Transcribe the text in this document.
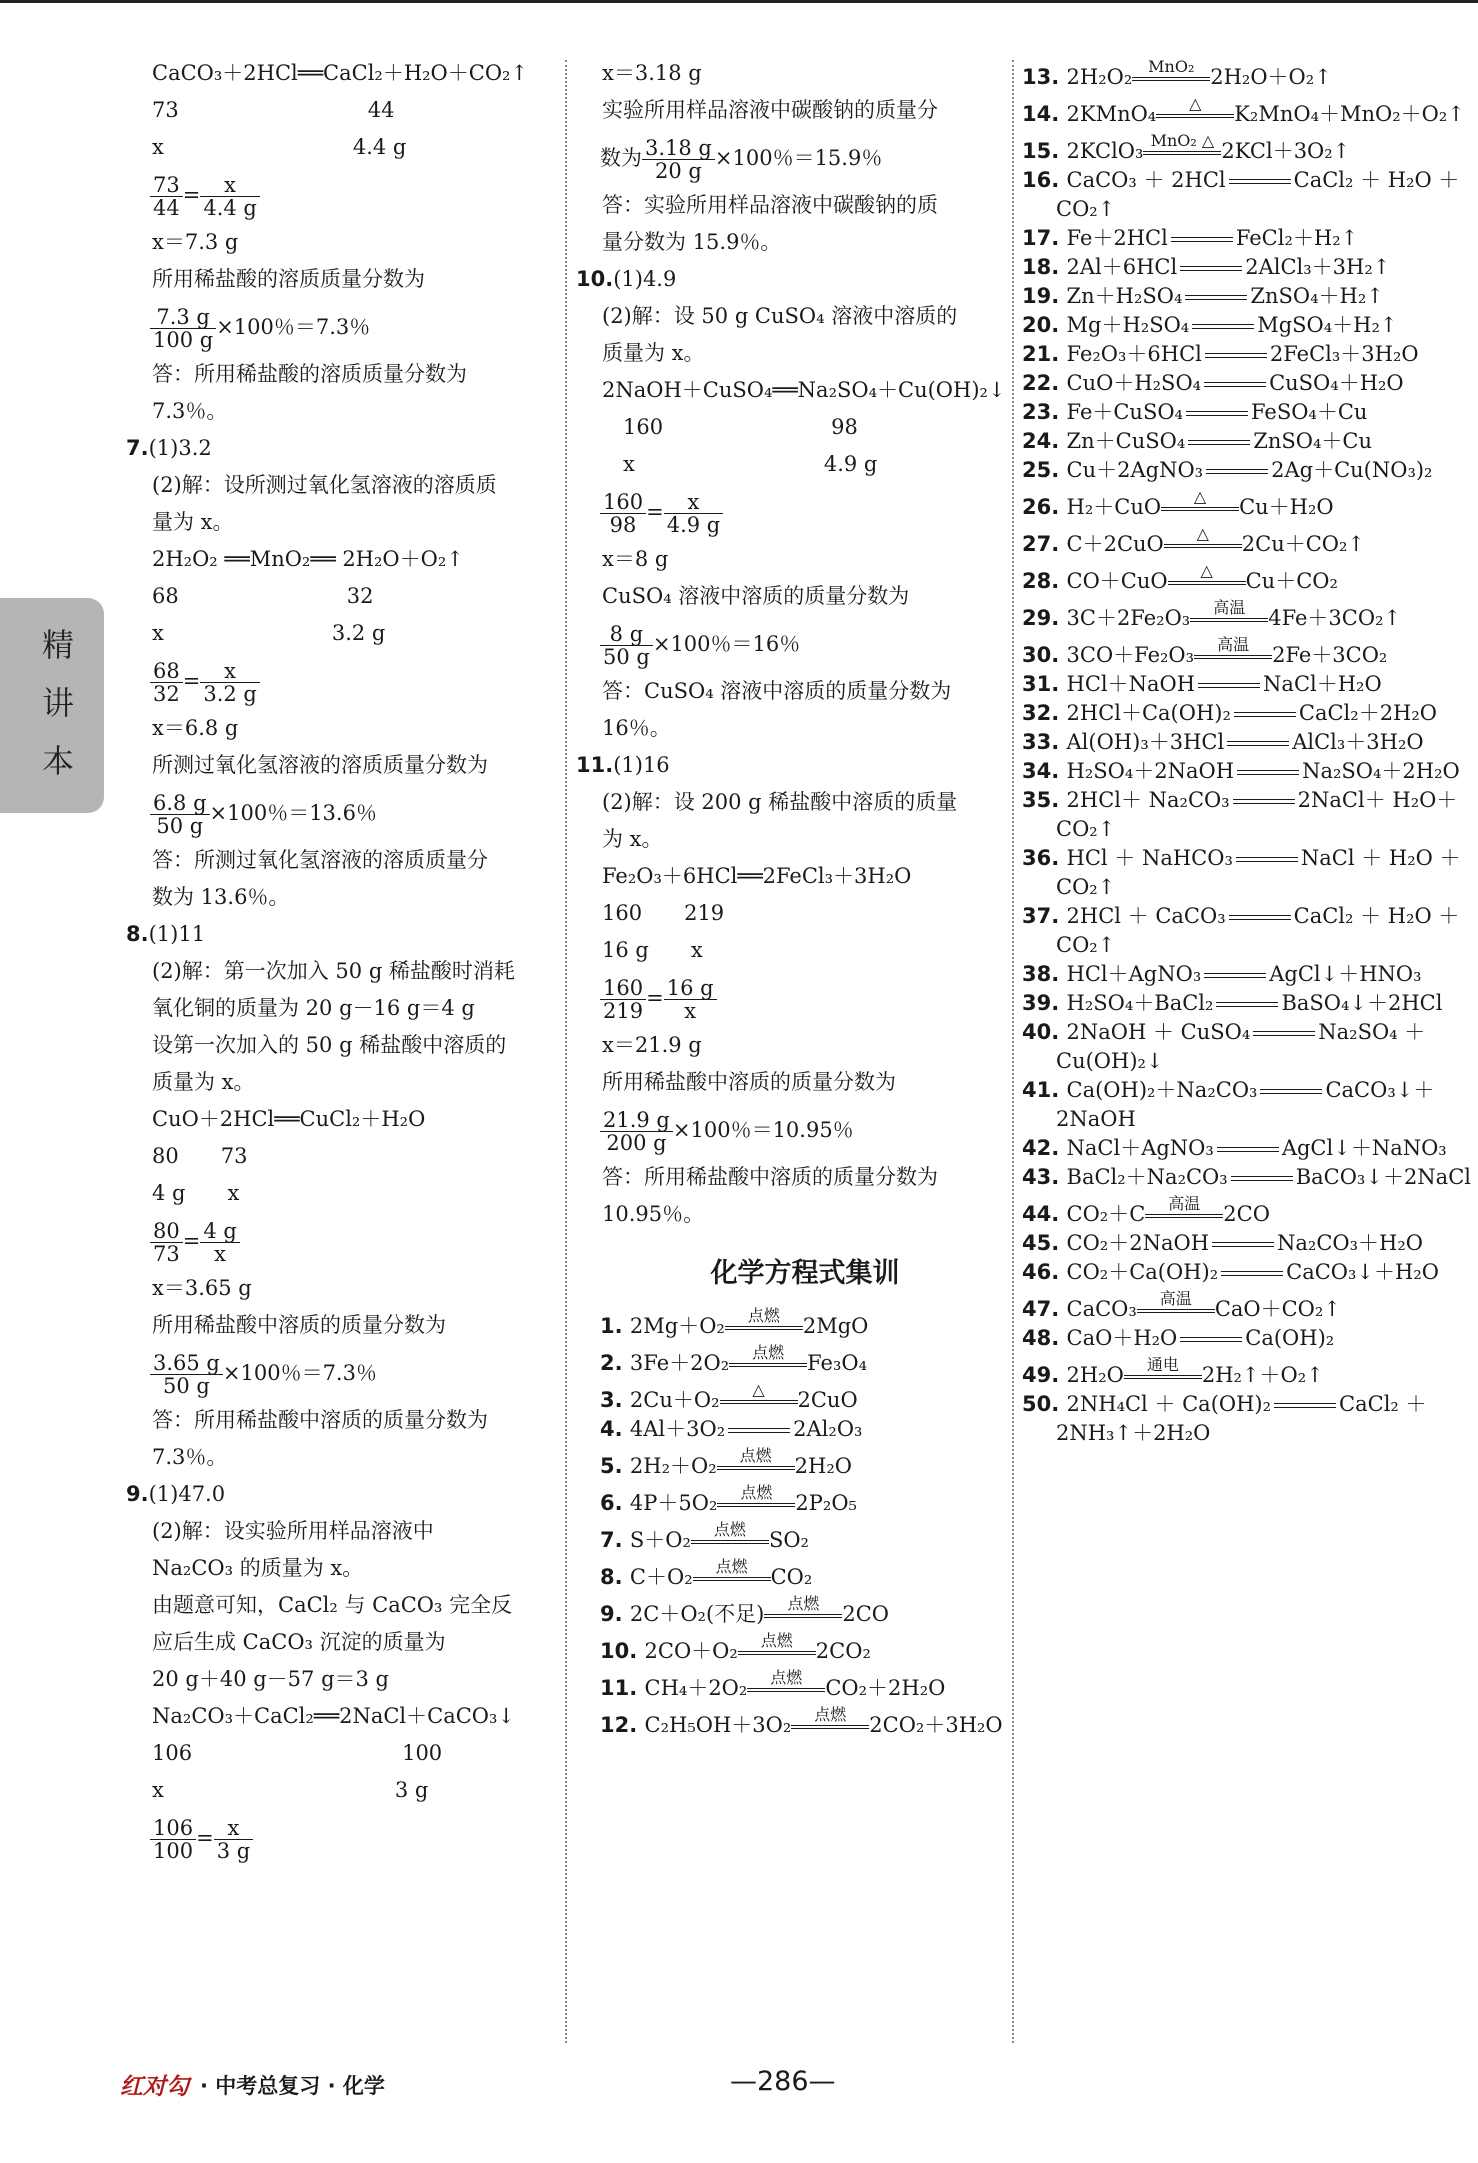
精
讲
本
CaCO₃＋2HCl══CaCl₂＋H₂O＋CO₂↑
73　　　　　　　　　44
x　　　　　　　　　4.4 g
$\frac{73}{44} = \frac{x}{4.4 g}$
x＝7.3 g
所用稀盐酸的溶质质量分数为
$\frac{7.3 g}{100 g} \times 100$％＝7.3％
答：所用稀盐酸的溶质质量分数为
7.3％。
7.(1)3.2
(2)解：设所测过氧化氢溶液的溶质质
量为 x。
2H₂O₂ ══MnO₂══ 2H₂O＋O₂↑
68　　　　　　　　32
x　　　　　　　　3.2 g
$\frac{68}{32} = \frac{x}{3.2 g}$
x＝6.8 g
所测过氧化氢溶液的溶质质量分数为
$\frac{6.8 g}{50 g} \times 100$％＝13.6％
答：所测过氧化氢溶液的溶质质量分
数为 13.6％。
8.(1)11
(2)解：第一次加入 50 g 稀盐酸时消耗
氧化铜的质量为 20 g－16 g＝4 g
设第一次加入的 50 g 稀盐酸中溶质的
质量为 x。
CuO＋2HCl══CuCl₂＋H₂O
80　　73
4 g　　x
$\frac{80}{73} = \frac{4 g}{x}$
x＝3.65 g
所用稀盐酸中溶质的质量分数为
$\frac{3.65 g}{50 g} \times 100$％＝7.3％
答：所用稀盐酸中溶质的质量分数为
7.3％。
9.(1)47.0
(2)解：设实验所用样品溶液中
Na₂CO₃ 的质量为 x。
由题意可知，CaCl₂ 与 CaCO₃ 完全反
应后生成 CaCO₃ 沉淀的质量为
20 g＋40 g－57 g＝3 g
Na₂CO₃＋CaCl₂══2NaCl＋CaCO₃↓
106　　　　　　　　　　100
x　　　　　　　　　　　3 g
$\frac{106}{100} = \frac{x}{3 g}$
x＝3.18 g
实验所用样品溶液中碳酸钠的质量分
数为 $\frac{3.18 g}{20 g} \times 100$％＝15.9％
答：实验所用样品溶液中碳酸钠的质
量分数为 15.9％。
10.(1)4.9
(2)解：设 50 g CuSO₄ 溶液中溶质的
质量为 x。
2NaOH＋CuSO₄══Na₂SO₄＋Cu(OH)₂↓
　160　　　　　　　　98
　x　　　　　　　　　4.9 g
$\frac{160}{98} = \frac{x}{4.9 g}$
x＝8 g
CuSO₄ 溶液中溶质的质量分数为
$\frac{8 g}{50 g} \times 100$％＝16％
答：CuSO₄ 溶液中溶质的质量分数为
16％。
11.(1)16
(2)解：设 200 g 稀盐酸中溶质的质量
为 x。
Fe₂O₃＋6HCl══2FeCl₃＋3H₂O
160　　219
16 g　　x
$\frac{160}{219} = \frac{16 g}{x}$
x＝21.9 g
所用稀盐酸中溶质的质量分数为
$\frac{21.9 g}{200 g} \times 100$％＝10.95％
答：所用稀盐酸中溶质的质量分数为
10.95％。
化学方程式集训
1. 2Mg＋O₂	点燃	2MgO
2. 3Fe＋2O₂	点燃	Fe₃O₄
3. 2Cu＋O₂	△	2CuO
4. 4Al＋3O₂	2Al₂O₃
5. 2H₂＋O₂	点燃	2H₂O
6. 4P＋5O₂	点燃	2P₂O₅
7. S＋O₂	点燃	SO₂
8. C＋O₂	点燃	CO₂
9. 2C＋O₂(不足)	点燃	2CO
10. 2CO＋O₂	点燃	2CO₂
11. CH₄＋2O₂	点燃	CO₂＋2H₂O
12. C₂H₅OH＋3O₂	点燃	2CO₂＋3H₂O
13. 2H₂O₂ MnO₂ 2H₂O＋O₂↑
14. 2KMnO₄	△	K₂MnO₄＋MnO₂＋O₂↑
15. 2KClO₃ MnO₂ △ 2KCl＋3O₂↑
16. CaCO₃ ＋ 2HCl	CaCl₂ ＋ H₂O ＋
CO₂↑
17. Fe＋2HCl	FeCl₂＋H₂↑
18. 2Al＋6HCl	2AlCl₃＋3H₂↑
19. Zn＋H₂SO₄	ZnSO₄＋H₂↑
20. Mg＋H₂SO₄	MgSO₄＋H₂↑
21. Fe₂O₃＋6HCl	2FeCl₃＋3H₂O
22. CuO＋H₂SO₄	CuSO₄＋H₂O
23. Fe＋CuSO₄	FeSO₄＋Cu
24. Zn＋CuSO₄	ZnSO₄＋Cu
25. Cu＋2AgNO₃	2Ag＋Cu(NO₃)₂
26. H₂＋CuO	△	Cu＋H₂O
27. C＋2CuO	△	2Cu＋CO₂↑
28. CO＋CuO	△	Cu＋CO₂
29. 3C＋2Fe₂O₃	高温	4Fe＋3CO₂↑
30. 3CO＋Fe₂O₃	高温	2Fe＋3CO₂
31. HCl＋NaOH	NaCl＋H₂O
32. 2HCl＋Ca(OH)₂	CaCl₂＋2H₂O
33. Al(OH)₃＋3HCl	AlCl₃＋3H₂O
34. H₂SO₄＋2NaOH	Na₂SO₄＋2H₂O
35. 2HCl＋ Na₂CO₃	2NaCl＋ H₂O＋
CO₂↑
36. HCl ＋ NaHCO₃	NaCl ＋ H₂O ＋
CO₂↑
37. 2HCl ＋ CaCO₃	CaCl₂ ＋ H₂O ＋
CO₂↑
38. HCl＋AgNO₃	AgCl↓＋HNO₃
39. H₂SO₄＋BaCl₂	BaSO₄↓＋2HCl
40. 2NaOH ＋ CuSO₄	Na₂SO₄ ＋
Cu(OH)₂↓
41. Ca(OH)₂＋Na₂CO₃	CaCO₃↓＋
2NaOH
42. NaCl＋AgNO₃	AgCl↓＋NaNO₃
43. BaCl₂＋Na₂CO₃	BaCO₃↓＋2NaCl
44. CO₂＋C	高温	2CO
45. CO₂＋2NaOH	Na₂CO₃＋H₂O
46. CO₂＋Ca(OH)₂	CaCO₃↓＋H₂O
47. CaCO₃	高温	CaO＋CO₂↑
48. CaO＋H₂O	Ca(OH)₂
49. 2H₂O	通电	2H₂↑＋O₂↑
50. 2NH₄Cl ＋ Ca(OH)₂	CaCl₂ ＋
2NH₃↑＋2H₂O
红对勾 · 中考总复习 · 化学	—286—
